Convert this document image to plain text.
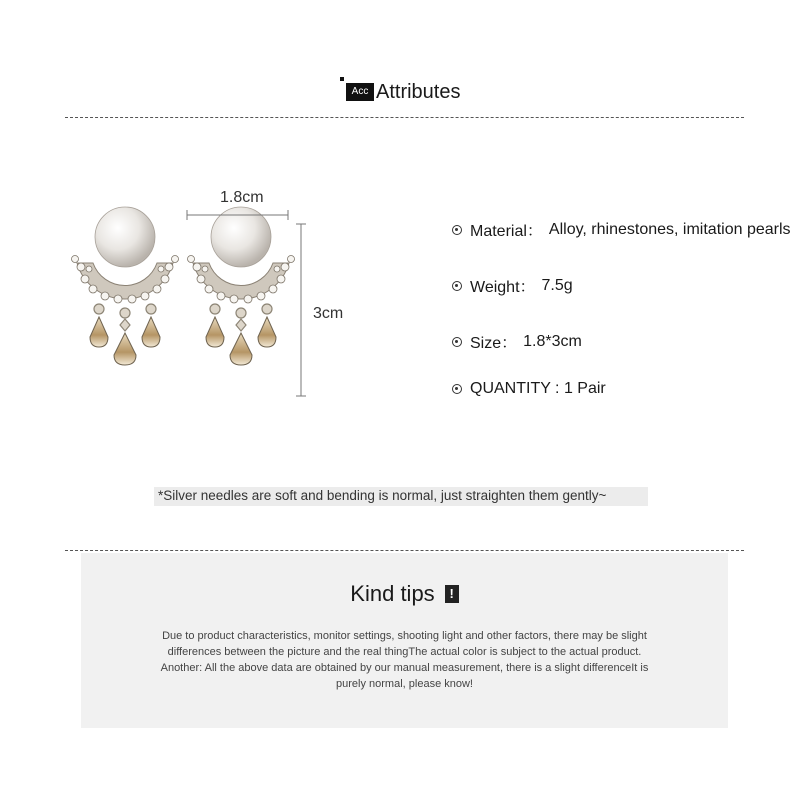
Acc Attributes
1.8cm
3cm
Material： Alloy, rhinestones, imitation pearls
Weight： 7.5g
Size： 1.8*3cm
QUANTITY : 1 Pair
*Silver needles are soft and bending is normal, just straighten them gently~
Kind tips !
Due to product characteristics, monitor settings, shooting light and other factors, there may be slight
differences between the picture and the real thingThe actual color is subject to the actual product.
Another: All the above data are obtained by our manual measurement, there is a slight differenceIt is
purely normal, please know!
